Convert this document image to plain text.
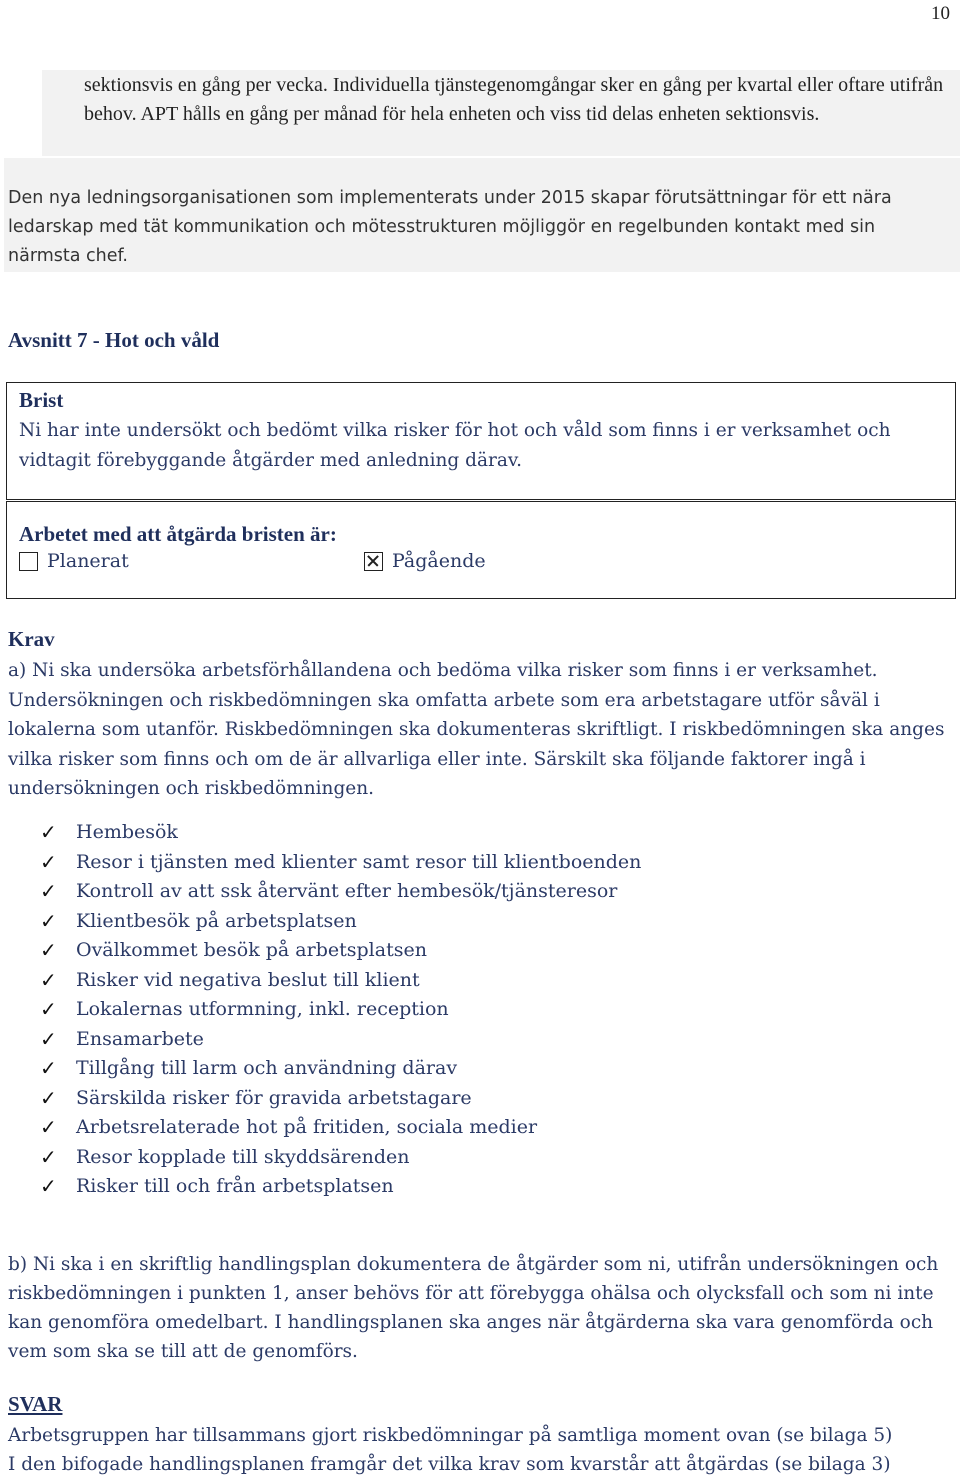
10

sektionsvis en gång per vecka. Individuella tjänstegenomgångar sker en gång per kvartal eller oftare utifrån behov. APT hålls en gång per månad för hela enheten och viss tid delas enheten sektionsvis.

Den nya ledningsorganisationen som implementerats under 2015 skapar förutsättningar för ett nära ledarskap med tät kommunikation och mötesstrukturen möjliggör en regelbunden kontakt med sin närmsta chef.

Avsnitt 7 - Hot och våld
Brist

Ni har inte undersökt och bedömt vilka risker för hot och våld som finns i er verksamhet och vidtagit förebyggande åtgärder med anledning därav.

Arbetet med att åtgärda bristen är:
Planerat	Pågående
Krav

a) Ni ska undersöka arbetsförhållandena och bedöma vilka risker som finns i er verksamhet. Undersökningen och riskbedömningen ska omfatta arbete som era arbetstagare utför såväl i lokalerna som utanför. Riskbedömningen ska dokumenteras skriftligt. I riskbedömningen ska anges vilka risker som finns och om de är allvarliga eller inte. Särskilt ska följande faktorer ingå i undersökningen och riskbedömningen.

✓	Hembesök
✓	Resor i tjänsten med klienter samt resor till klientboenden
✓	Kontroll av att ssk återvänt efter hembesök/tjänsteresor
✓	Klientbesök på arbetsplatsen
✓	Ovälkommet besök på arbetsplatsen
✓	Risker vid negativa beslut till klient
✓	Lokalernas utformning, inkl. reception
✓	Ensamarbete
✓	Tillgång till larm och användning därav
✓	Särskilda risker för gravida arbetstagare
✓	Arbetsrelaterade hot på fritiden, sociala medier
✓	Resor kopplade till skyddsärenden
✓	Risker till och från arbetsplatsen

b) Ni ska i en skriftlig handlingsplan dokumentera de åtgärder som ni, utifrån undersökningen och riskbedömningen i punkten 1, anser behövs för att förebygga ohälsa och olycksfall och som ni inte kan genomföra omedelbart. I handlingsplanen ska anges när åtgärderna ska vara genomförda och vem som ska se till att de genomförs.

SVAR
Arbetsgruppen har tillsammans gjort riskbedömningar på samtliga moment ovan (se bilaga 5)
I den bifogade handlingsplanen framgår det vilka krav som kvarstår att åtgärdas (se bilaga 3)
